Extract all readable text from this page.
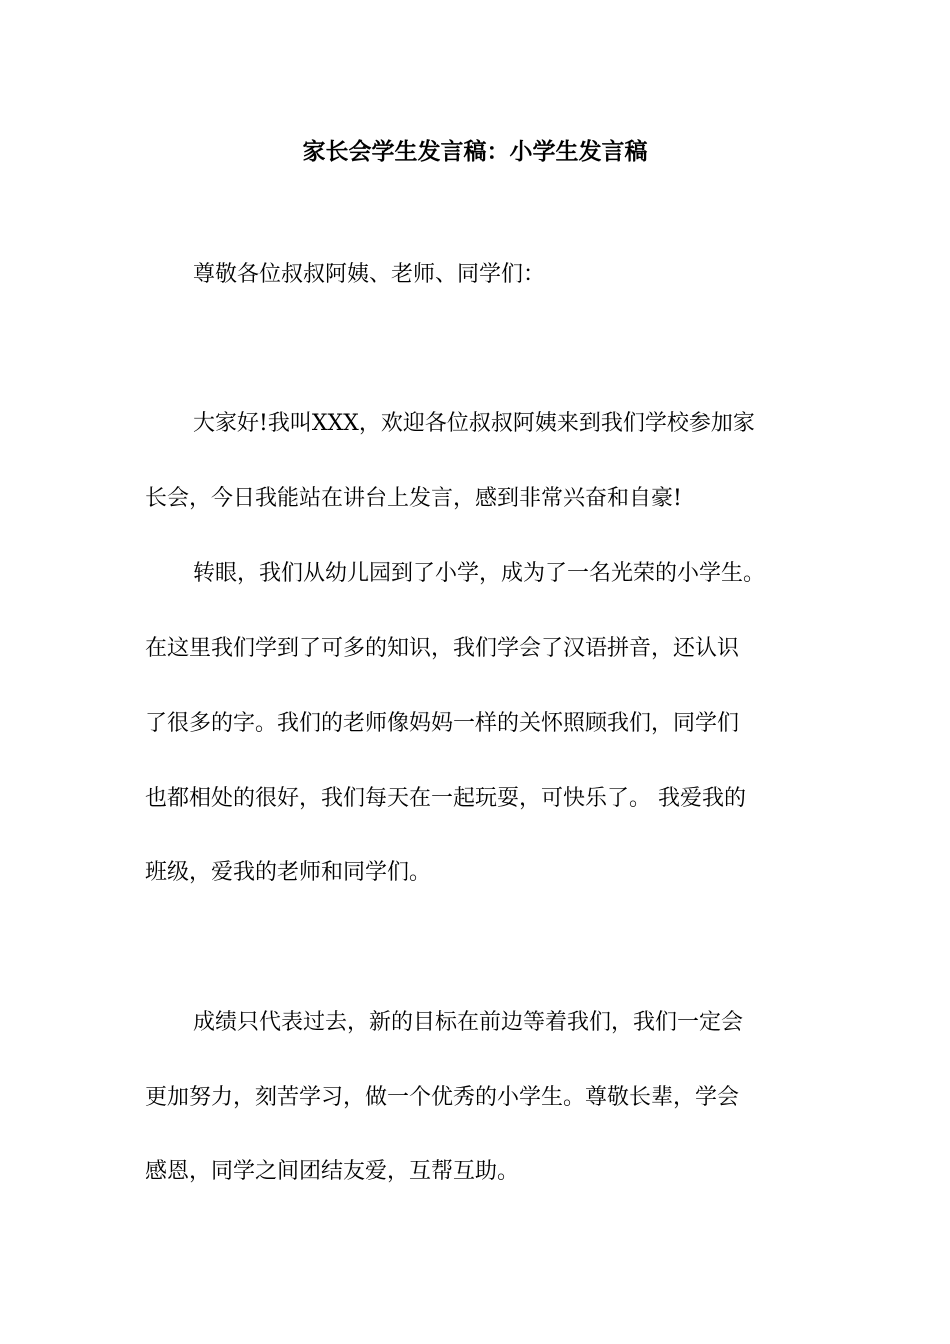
家长会学生发言稿：小学生发言稿
尊敬各位叔叔阿姨、老师、同学们：
大家好!我叫XXX，欢迎各位叔叔阿姨来到我们学校参加家
长会，今日我能站在讲台上发言，感到非常兴奋和自豪!
转眼，我们从幼儿园到了小学，成为了一名光荣的小学生。
在这里我们学到了可多的知识，我们学会了汉语拼音，还认识
了很多的字。我们的老师像妈妈一样的关怀照顾我们，同学们
也都相处的很好，我们每天在一起玩耍，可快乐了。 我爱我的
班级，爱我的老师和同学们。
成绩只代表过去，新的目标在前边等着我们，我们一定会
更加努力，刻苦学习，做一个优秀的小学生。尊敬长辈，学会
感恩，同学之间团结友爱，互帮互助。
